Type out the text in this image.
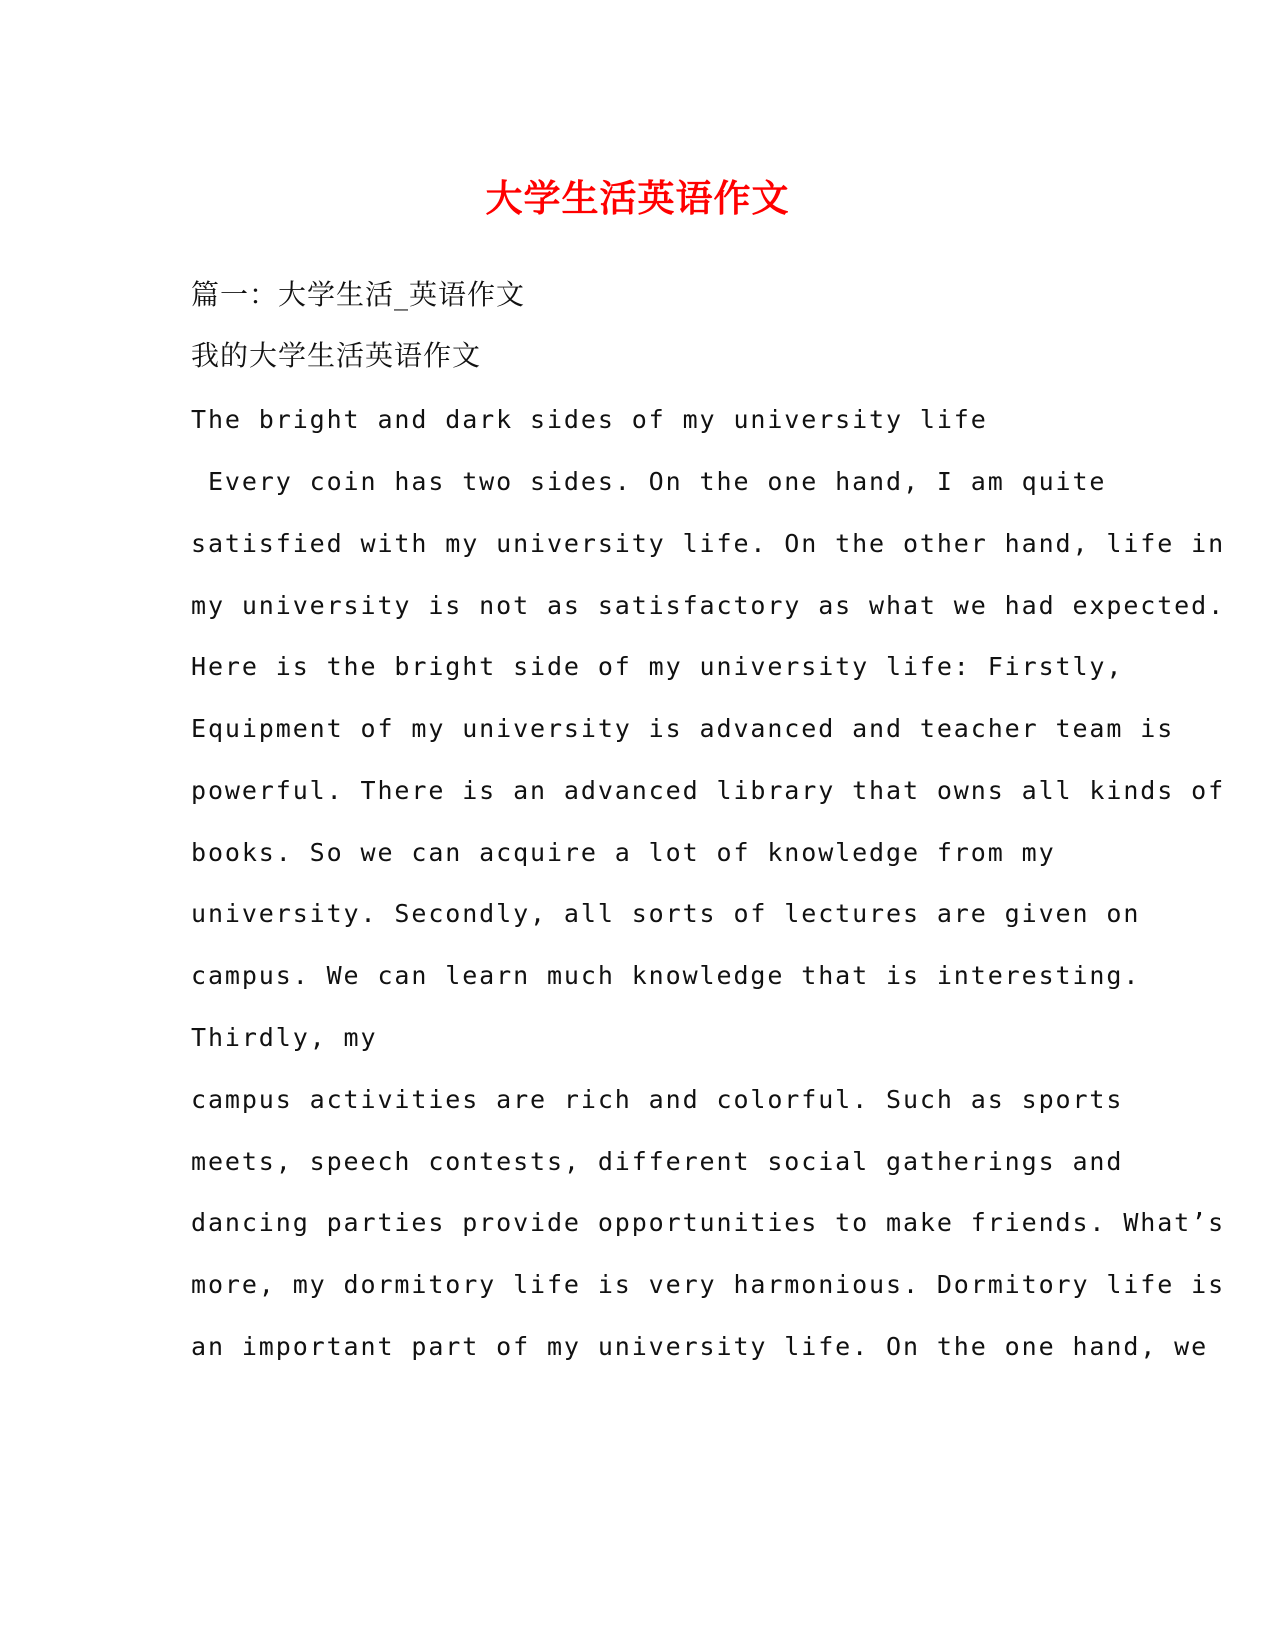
大学生活英语作文
篇一：大学生活_英语作文
我的大学生活英语作文
The bright and dark sides of my university life
Every coin has two sides. On the one hand, I am quite
satisfied with my university life. On the other hand, life in
my university is not as satisfactory as what we had expected.
Here is the bright side of my university life: Firstly,
Equipment of my university is advanced and teacher team is
powerful. There is an advanced library that owns all kinds of
books. So we can acquire a lot of knowledge from my
university. Secondly, all sorts of lectures are given on
campus. We can learn much knowledge that is interesting.
Thirdly, my
campus activities are rich and colorful. Such as sports
meets, speech contests, different social gatherings and
dancing parties provide opportunities to make friends. What’s
more, my dormitory life is very harmonious. Dormitory life is
an important part of my university life. On the one hand, we
